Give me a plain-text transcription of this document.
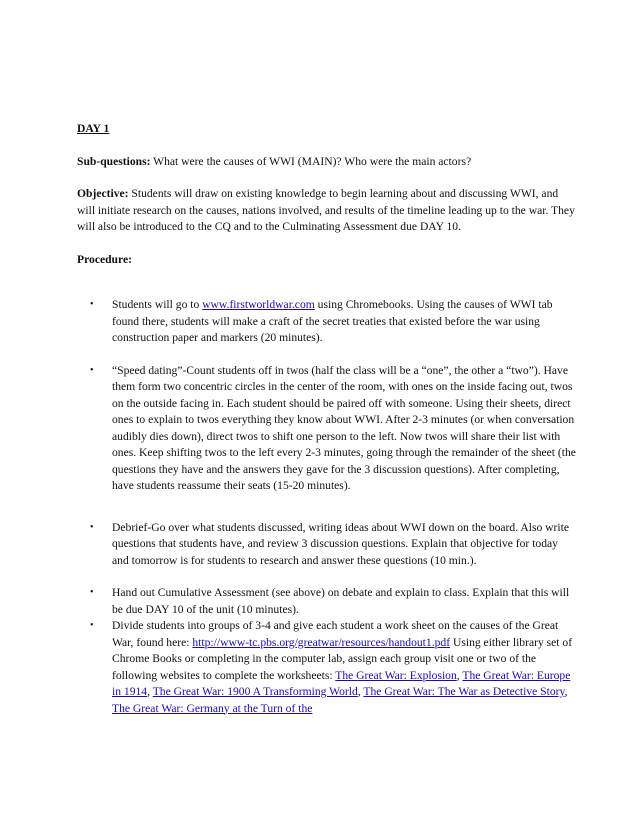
DAY 1

Sub-questions: What were the causes of WWI (MAIN)? Who were the main actors?

Objective: Students will draw on existing knowledge to begin learning about and discussing WWI, and will initiate research on the causes, nations involved, and results of the timeline leading up to the war. They will also be introduced to the CQ and to the Culminating Assessment due DAY 10.

Procedure:

• Students will go to www.firstworldwar.com using Chromebooks. Using the causes of WWI tab found there, students will make a craft of the secret treaties that existed before the war using construction paper and markers (20 minutes).
• “Speed dating”-Count students off in twos (half the class will be a “one”, the other a “two”). Have them form two concentric circles in the center of the room, with ones on the inside facing out, twos on the outside facing in. Each student should be paired off with someone. Using their sheets, direct ones to explain to twos everything they know about WWI. After 2-3 minutes (or when conversation audibly dies down), direct twos to shift one person to the left. Now twos will share their list with ones. Keep shifting twos to the left every 2-3 minutes, going through the remainder of the sheet (the questions they have and the answers they gave for the 3 discussion questions). After completing, have students reassume their seats (15-20 minutes).
• Debrief-Go over what students discussed, writing ideas about WWI down on the board. Also write questions that students have, and review 3 discussion questions. Explain that objective for today and tomorrow is for students to research and answer these questions (10 min.).
• Hand out Cumulative Assessment (see above) on debate and explain to class. Explain that this will be due DAY 10 of the unit (10 minutes).
• Divide students into groups of 3-4 and give each student a work sheet on the causes of the Great War, found here: http://www-tc.pbs.org/greatwar/resources/handout1.pdf Using either library set of Chrome Books or completing in the computer lab, assign each group visit one or two of the following websites to complete the worksheets: The Great War: Explosion, The Great War: Europe in 1914, The Great War: 1900 A Transforming World, The Great War: The War as Detective Story, The Great War: Germany at the Turn of the
